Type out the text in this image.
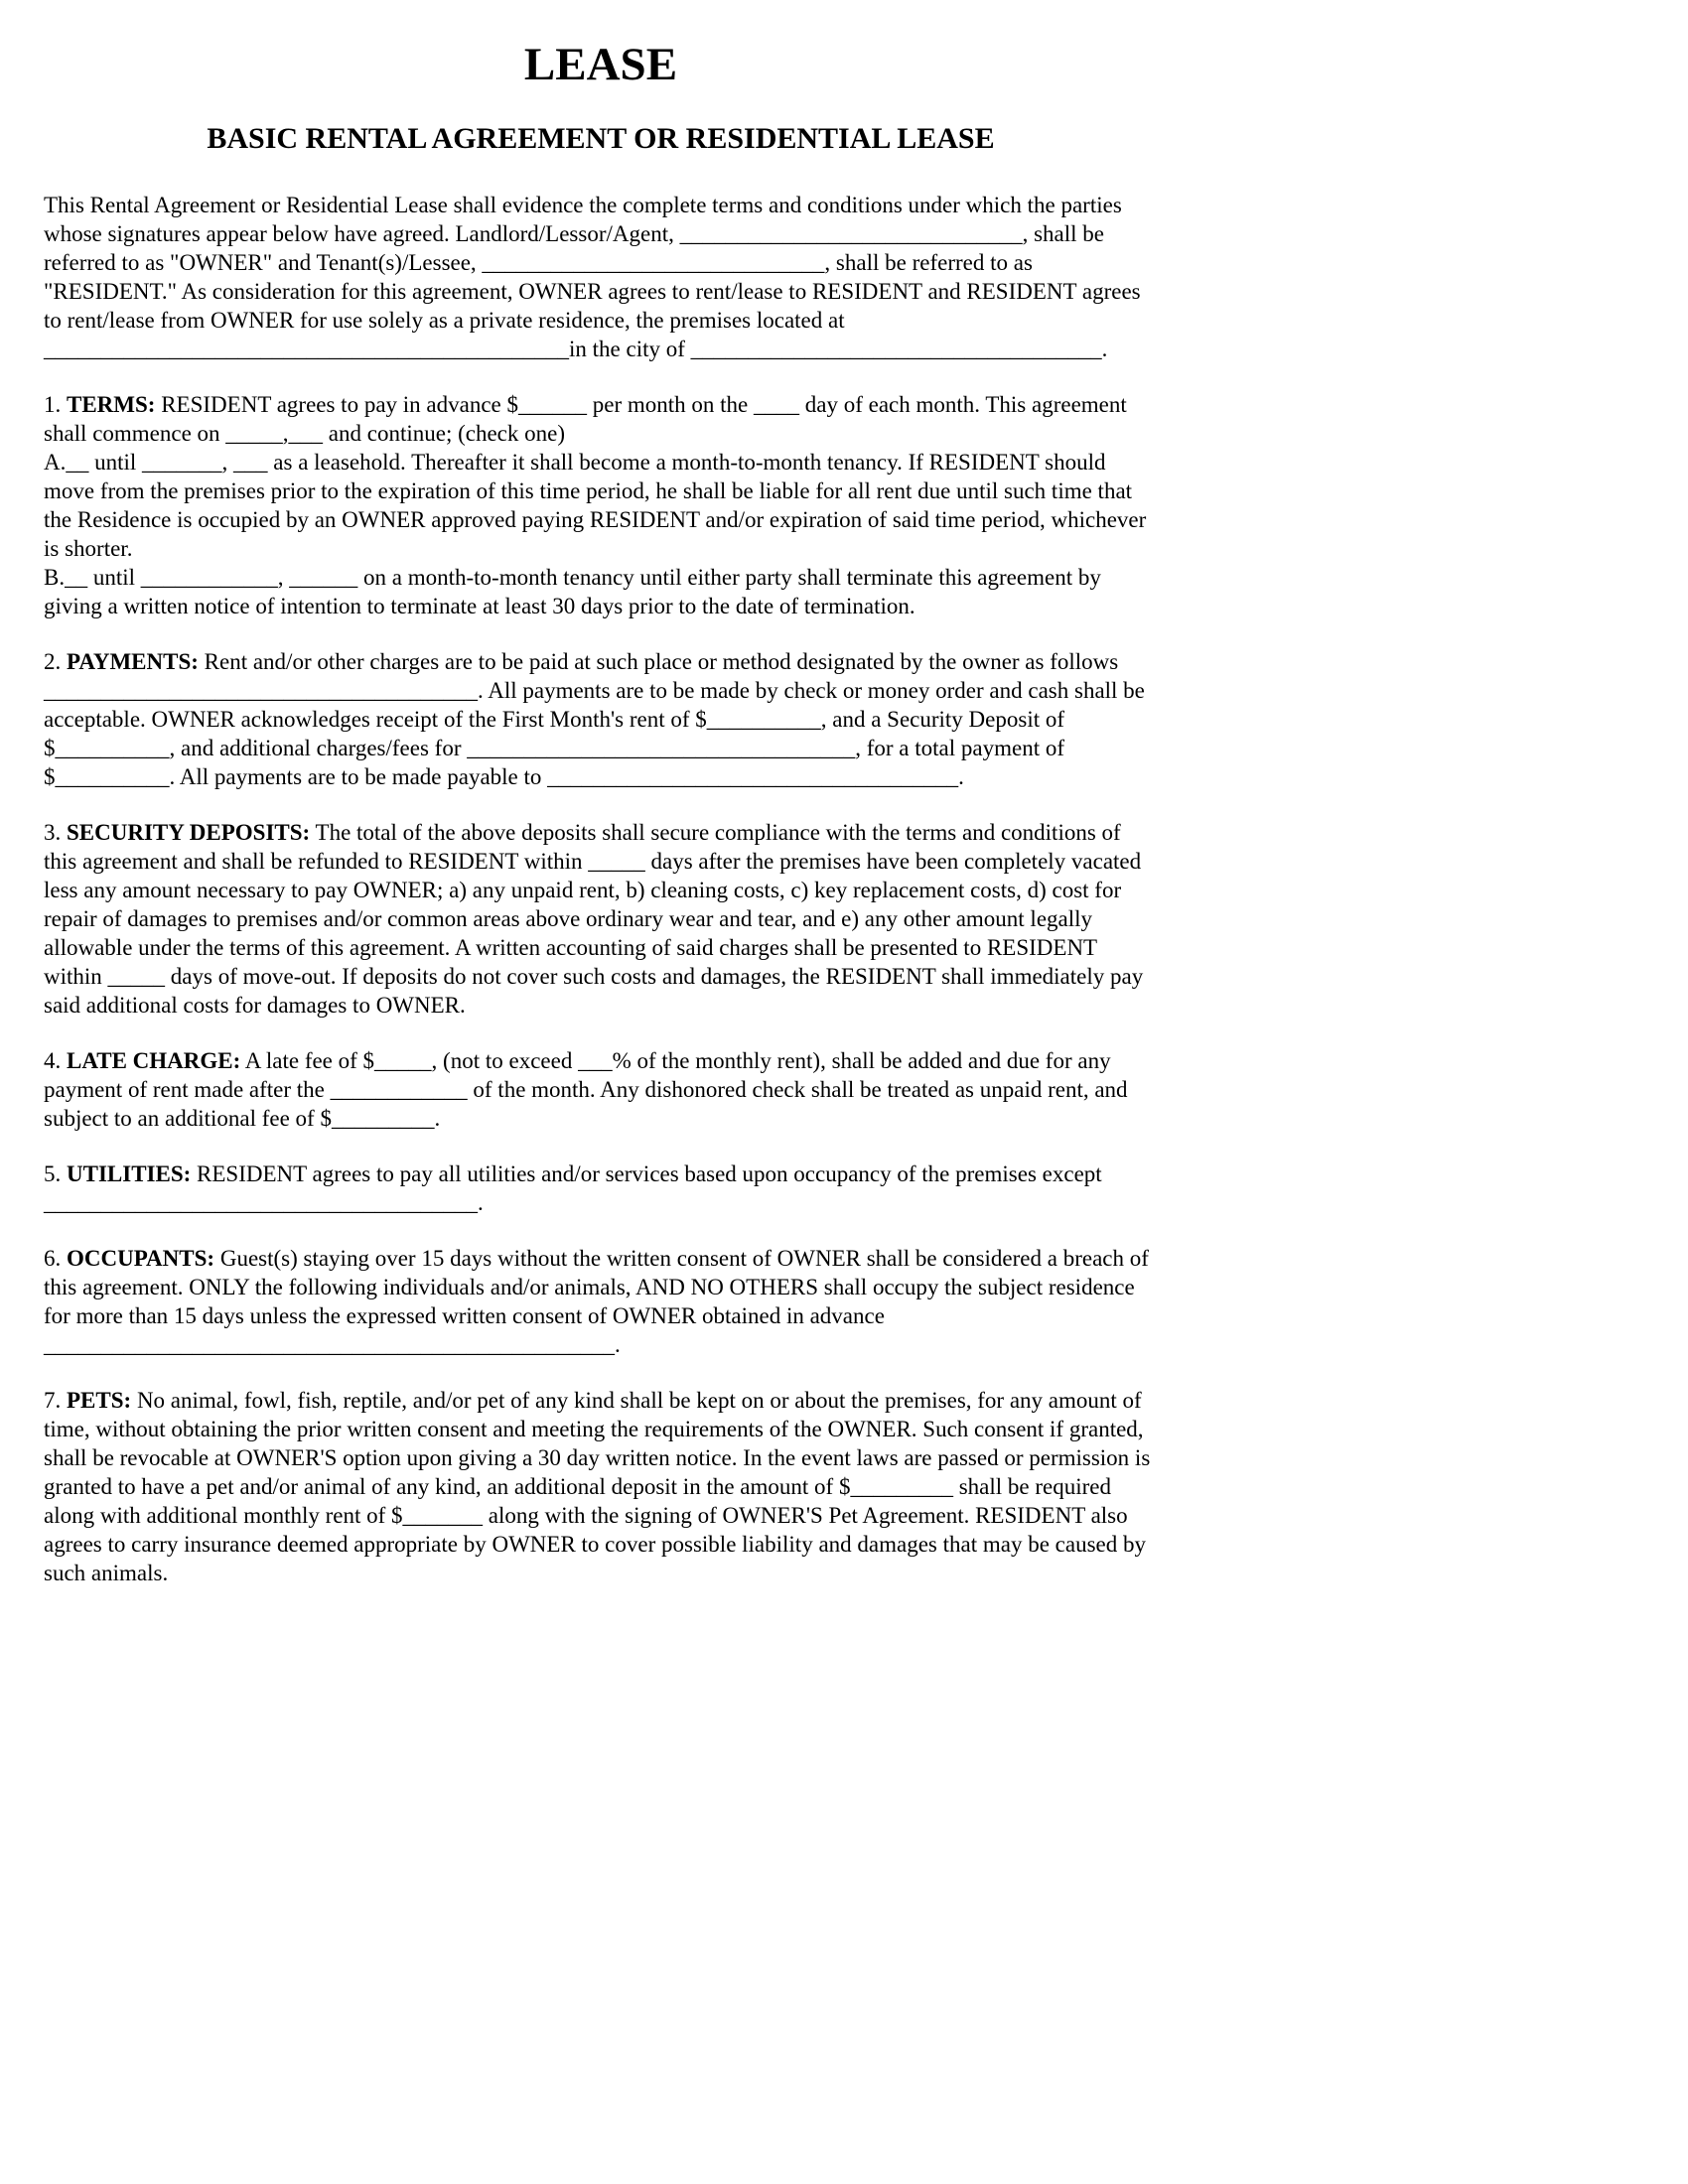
LEASE
BASIC RENTAL AGREEMENT OR RESIDENTIAL LEASE

This Rental Agreement or Residential Lease shall evidence the complete terms and conditions under which the parties whose signatures appear below have agreed. Landlord/Lessor/Agent, ______________________________, shall be referred to as "OWNER" and Tenant(s)/Lessee, ______________________________, shall be referred to as "RESIDENT." As consideration for this agreement, OWNER agrees to rent/lease to RESIDENT and RESIDENT agrees to rent/lease from OWNER for use solely as a private residence, the premises located at ______________________________________________in the city of ____________________________________.

1. TERMS: RESIDENT agrees to pay in advance $______ per month on the ____ day of each month. This agreement shall commence on _____,___ and continue; (check one)

A.__ until _______, ___ as a leasehold. Thereafter it shall become a month-to-month tenancy. If RESIDENT should move from the premises prior to the expiration of this time period, he shall be liable for all rent due until such time that the Residence is occupied by an OWNER approved paying RESIDENT and/or expiration of said time period, whichever is shorter.

B.__ until ____________, ______ on a month-to-month tenancy until either party shall terminate this agreement by giving a written notice of intention to terminate at least 30 days prior to the date of termination.

2. PAYMENTS: Rent and/or other charges are to be paid at such place or method designated by the owner as follows ______________________________________. All payments are to be made by check or money order and cash shall be acceptable. OWNER acknowledges receipt of the First Month's rent of $__________, and a Security Deposit of $__________, and additional charges/fees for __________________________________, for a total payment of $__________. All payments are to be made payable to ____________________________________.

3. SECURITY DEPOSITS: The total of the above deposits shall secure compliance with the terms and conditions of this agreement and shall be refunded to RESIDENT within _____ days after the premises have been completely vacated less any amount necessary to pay OWNER; a) any unpaid rent, b) cleaning costs, c) key replacement costs, d) cost for repair of damages to premises and/or common areas above ordinary wear and tear, and e) any other amount legally allowable under the terms of this agreement. A written accounting of said charges shall be presented to RESIDENT within _____ days of move-out. If deposits do not cover such costs and damages, the RESIDENT shall immediately pay said additional costs for damages to OWNER.

4. LATE CHARGE: A late fee of $_____, (not to exceed ___% of the monthly rent), shall be added and due for any payment of rent made after the ____________ of the month. Any dishonored check shall be treated as unpaid rent, and subject to an additional fee of $_________.

5. UTILITIES: RESIDENT agrees to pay all utilities and/or services based upon occupancy of the premises except ______________________________________.

6. OCCUPANTS: Guest(s) staying over 15 days without the written consent of OWNER shall be considered a breach of this agreement. ONLY the following individuals and/or animals, AND NO OTHERS shall occupy the subject residence for more than 15 days unless the expressed written consent of OWNER obtained in advance __________________________________________________.

7. PETS: No animal, fowl, fish, reptile, and/or pet of any kind shall be kept on or about the premises, for any amount of time, without obtaining the prior written consent and meeting the requirements of the OWNER. Such consent if granted, shall be revocable at OWNER'S option upon giving a 30 day written notice. In the event laws are passed or permission is granted to have a pet and/or animal of any kind, an additional deposit in the amount of $_________ shall be required along with additional monthly rent of $_______ along with the signing of OWNER'S Pet Agreement. RESIDENT also agrees to carry insurance deemed appropriate by OWNER to cover possible liability and damages that may be caused by such animals.
